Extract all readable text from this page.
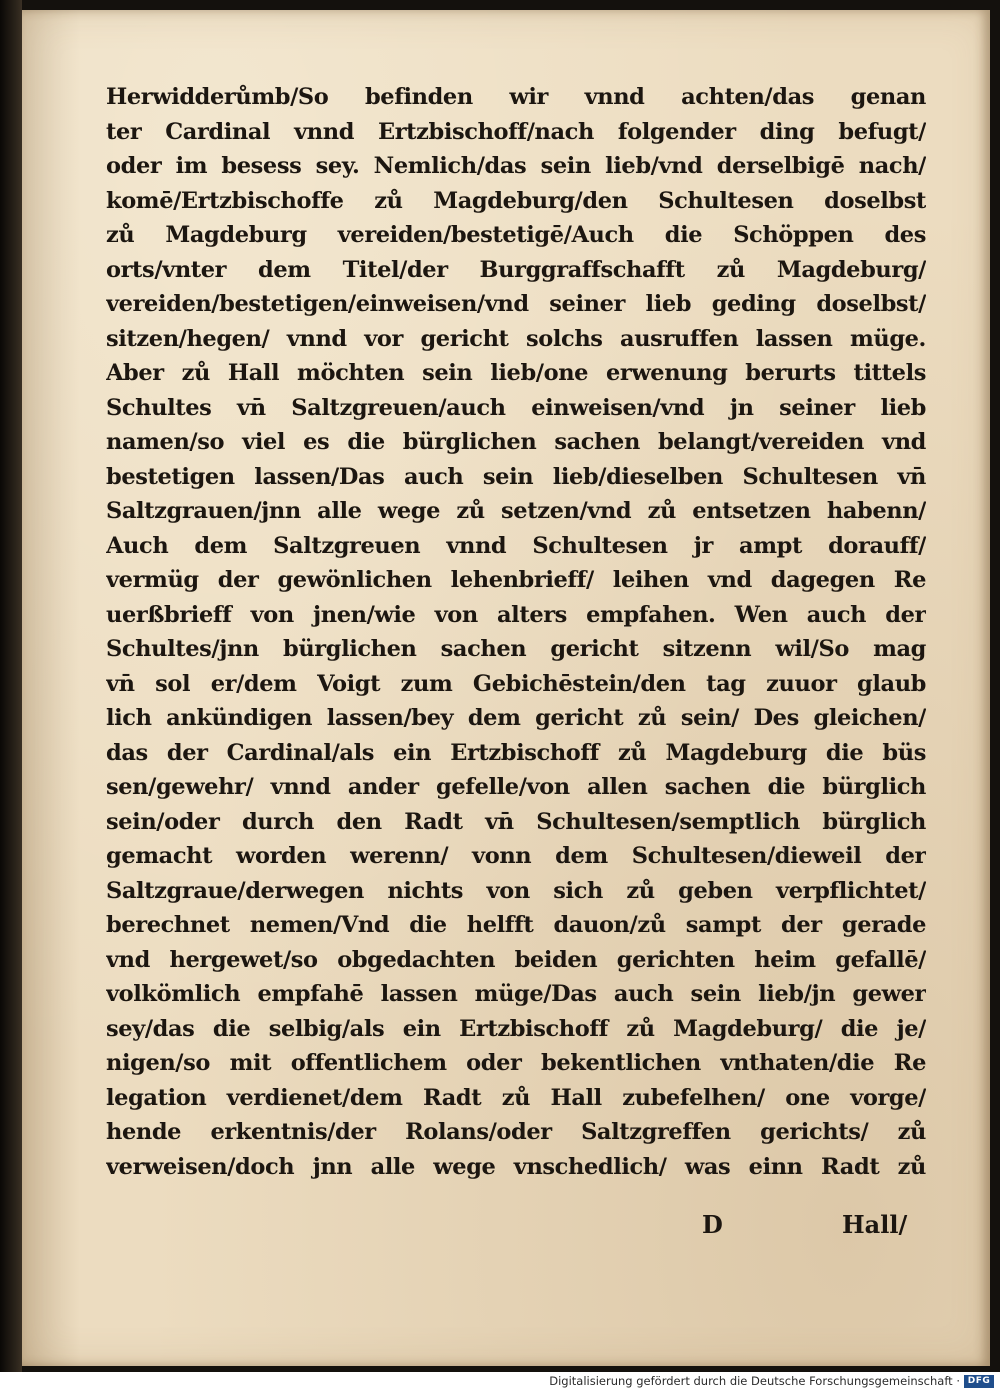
Herwidderůmb/So befinden wir vnnd achten/das genan
ter Cardinal vnnd Ertzbischoff/nach folgender ding befugt/
oder im besess sey. Nemlich/das sein lieb/vnd derselbigē nach/
komē/Ertzbischoffe zů Magdeburg/den Schultesen doselbst
zů Magdeburg vereiden/bestetigē/Auch die Schöppen des
orts/vnter dem Titel/der Burggraffschafft zů Magdeburg/
vereiden/bestetigen/einweisen/vnd seiner lieb geding doselbst/
sitzen/hegen/ vnnd vor gericht solchs ausruffen lassen müge.
Aber zů Hall möchten sein lieb/one erwenung berurts tittels
Schultes vn̄ Saltzgreuen/auch einweisen/vnd jn seiner lieb
namen/so viel es die bürglichen sachen belangt/vereiden vnd
bestetigen lassen/Das auch sein lieb/dieselben Schultesen vn̄
Saltzgrauen/jnn alle wege zů setzen/vnd zů entsetzen habenn/
Auch dem Saltzgreuen vnnd Schultesen jr ampt dorauff/
vermüg der gewönlichen lehenbrieff/ leihen vnd dagegen Re
uerßbrieff von jnen/wie von alters empfahen. Wen auch der
Schultes/jnn bürglichen sachen gericht sitzenn wil/So mag
vn̄ sol er/dem Voigt zum Gebichēstein/den tag zuuor glaub
lich ankündigen lassen/bey dem gericht zů sein/ Des gleichen/
das der Cardinal/als ein Ertzbischoff zů Magdeburg die büs
sen/gewehr/ vnnd ander gefelle/von allen sachen die bürglich
sein/oder durch den Radt vn̄ Schultesen/semptlich bürglich
gemacht worden werenn/ vonn dem Schultesen/dieweil der
Saltzgraue/derwegen nichts von sich zů geben verpflichtet/
berechnet nemen/Vnd die helfft dauon/zů sampt der gerade
vnd hergewet/so obgedachten beiden gerichten heim gefallē/
volkömlich empfahē lassen müge/Das auch sein lieb/jn gewer
sey/das die selbig/als ein Ertzbischoff zů Magdeburg/ die je/
nigen/so mit offentlichem oder bekentlichen vnthaten/die Re
legation verdienet/dem Radt zů Hall zubefelhen/ one vorge/
hende erkentnis/der Rolans/oder Saltzgreffen gerichts/ zů
verweisen/doch jnn alle wege vnschedlich/ was einn Radt zů
D	Hall/
Digitalisierung gefördert durch die Deutsche Forschungsgemeinschaft · DFG
